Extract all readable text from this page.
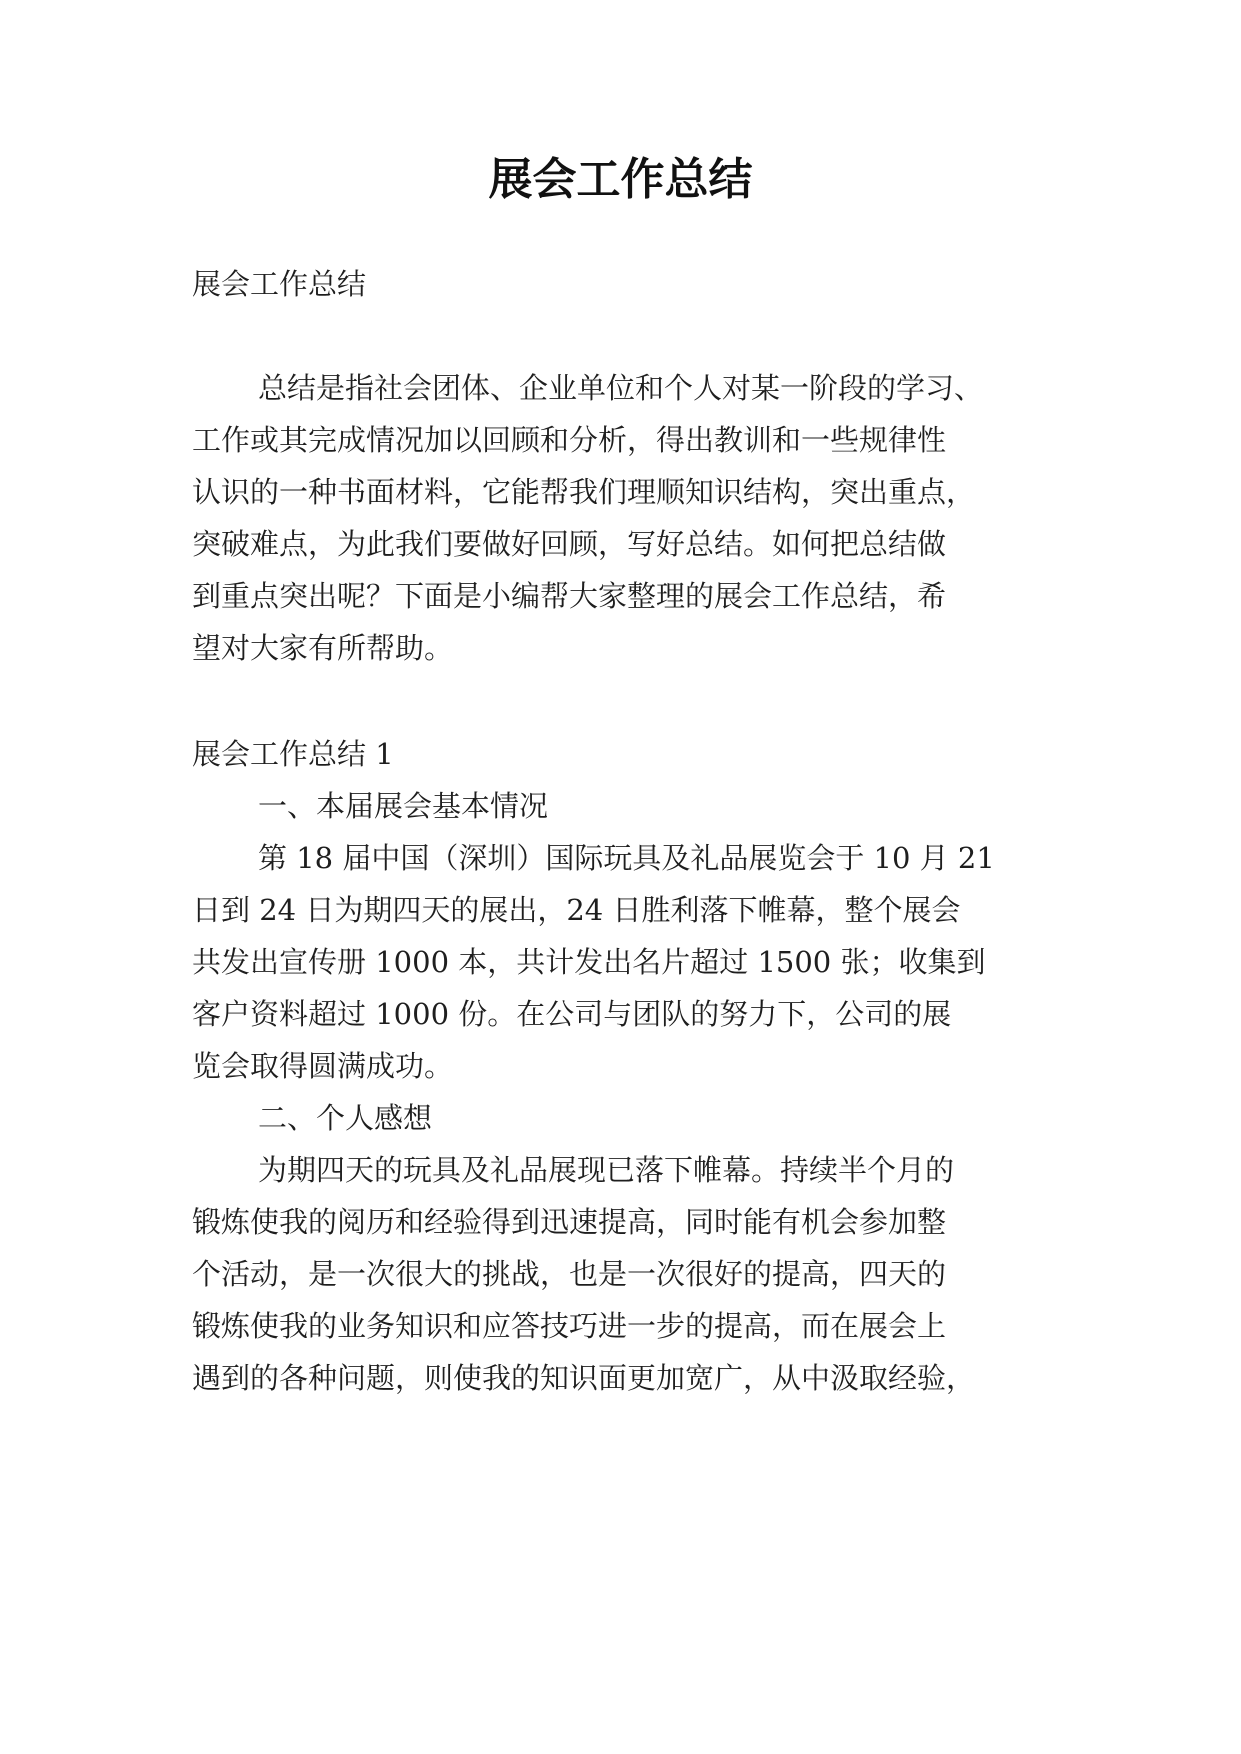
展会工作总结
展会工作总结
总结是指社会团体、企业单位和个人对某一阶段的学习、
工作或其完成情况加以回顾和分析，得出教训和一些规律性
认识的一种书面材料，它能帮我们理顺知识结构，突出重点，
突破难点，为此我们要做好回顾，写好总结。如何把总结做
到重点突出呢？下面是小编帮大家整理的展会工作总结，希
望对大家有所帮助。
展会工作总结 1
一、本届展会基本情况
第 18 届中国（深圳）国际玩具及礼品展览会于 10 月 21
日到 24 日为期四天的展出，24 日胜利落下帷幕，整个展会
共发出宣传册 1000 本，共计发出名片超过 1500 张；收集到
客户资料超过 1000 份。在公司与团队的努力下，公司的展
览会取得圆满成功。
二、个人感想
为期四天的玩具及礼品展现已落下帷幕。持续半个月的
锻炼使我的阅历和经验得到迅速提高，同时能有机会参加整
个活动，是一次很大的挑战，也是一次很好的提高，四天的
锻炼使我的业务知识和应答技巧进一步的提高，而在展会上
遇到的各种问题，则使我的知识面更加宽广，从中汲取经验，
